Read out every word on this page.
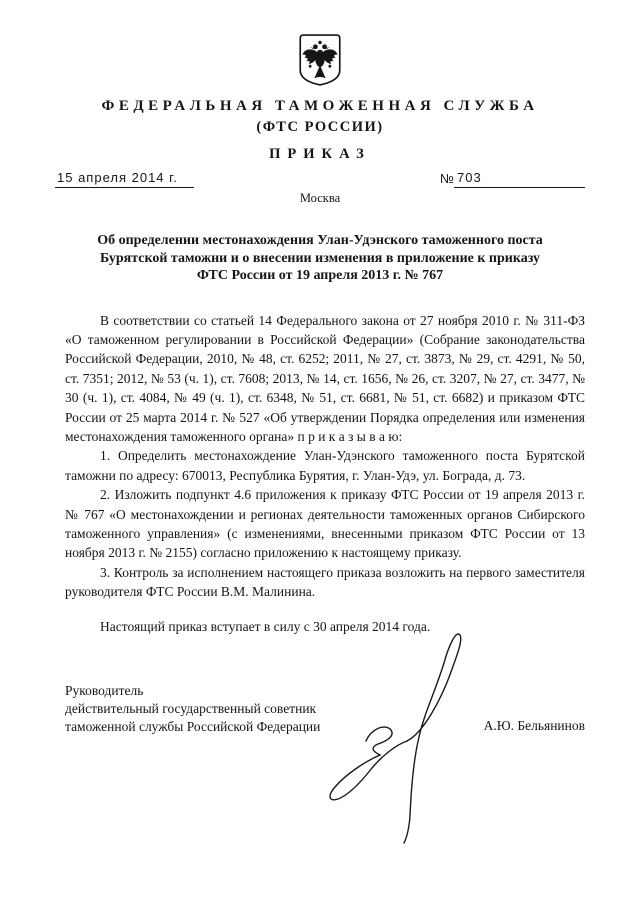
ФЕДЕРАЛЬНАЯ ТАМОЖЕННАЯ СЛУЖБА
(ФТС РОССИИ)
ПРИКАЗ
15 апреля 2014 г.	№ 703
Москва
Об определении местонахождения Улан-Удэнского таможенного поста
Бурятской таможни и о внесении изменения в приложение к приказу
ФТС России от 19 апреля 2013 г. № 767

В соответствии со статьей 14 Федерального закона от 27 ноября 2010 г. № 311-ФЗ «О таможенном регулировании в Российской Федерации» (Собрание законодательства Российской Федерации, 2010, № 48, ст. 6252; 2011, № 27, ст. 3873, № 29, ст. 4291, № 50, ст. 7351; 2012, № 53 (ч. 1), ст. 7608; 2013, № 14, ст. 1656, № 26, ст. 3207, № 27, ст. 3477, № 30 (ч. 1), ст. 4084, № 49 (ч. 1), ст. 6348, № 51, ст. 6681, № 51, ст. 6682) и приказом ФТС России от 25 марта 2014 г. № 527 «Об утверждении Порядка определения или изменения местонахождения таможенного органа» п р и к а з ы в а ю:

1. Определить местонахождение Улан-Удэнского таможенного поста Бурятской таможни по адресу: 670013, Республика Бурятия, г. Улан-Удэ, ул. Бограда, д. 73.

2. Изложить подпункт 4.6 приложения к приказу ФТС России от 19 апреля 2013 г. № 767 «О местонахождении и регионах деятельности таможенных органов Сибирского таможенного управления» (с изменениями, внесенными приказом ФТС России от 13 ноября 2013 г. № 2155) согласно приложению к настоящему приказу.

3. Контроль за исполнением настоящего приказа возложить на первого заместителя руководителя ФТС России В.М. Малинина.

Настоящий приказ вступает в силу с 30 апреля 2014 года.

Руководитель
действительный государственный советник
таможенной службы Российской Федерации	А.Ю. Бельянинов
